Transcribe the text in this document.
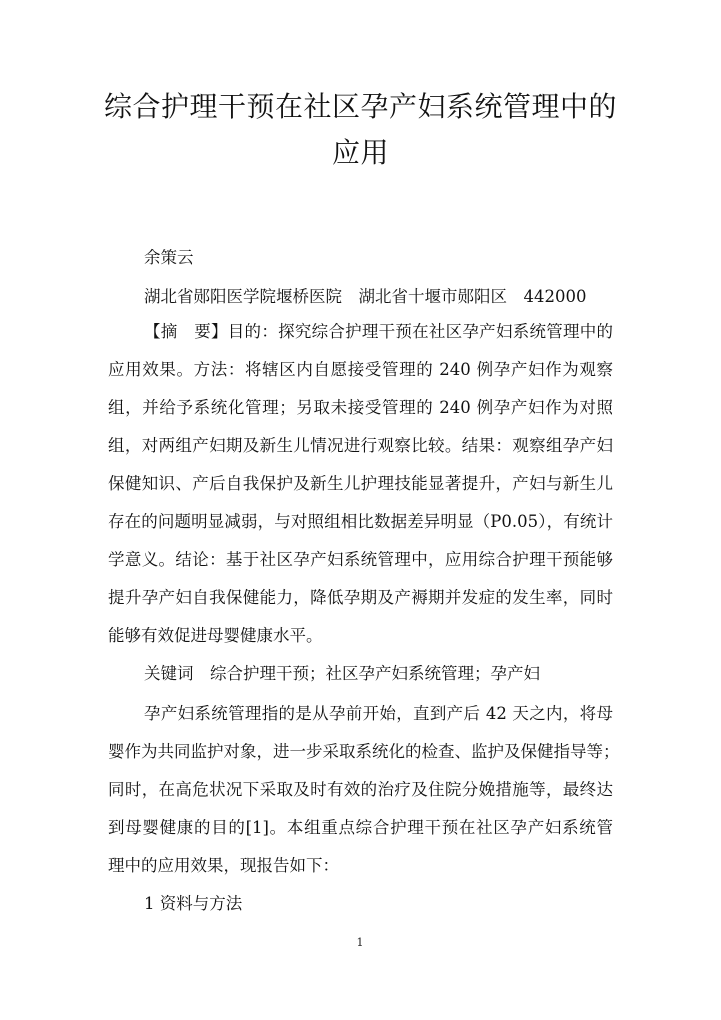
综合护理干预在社区孕产妇系统管理中的
应用
余策云
湖北省郧阳医学院堰桥医院　湖北省十堰市郧阳区　442000
【摘　要】目的：探究综合护理干预在社区孕产妇系统管理中的
应用效果。方法：将辖区内自愿接受管理的 240 例孕产妇作为观察
组，并给予系统化管理；另取未接受管理的 240 例孕产妇作为对照
组，对两组产妇期及新生儿情况进行观察比较。结果：观察组孕产妇
保健知识、产后自我保护及新生儿护理技能显著提升，产妇与新生儿
存在的问题明显减弱，与对照组相比数据差异明显（P0.05），有统计
学意义。结论：基于社区孕产妇系统管理中，应用综合护理干预能够
提升孕产妇自我保健能力，降低孕期及产褥期并发症的发生率，同时
能够有效促进母婴健康水平。
关键词　综合护理干预；社区孕产妇系统管理；孕产妇
孕产妇系统管理指的是从孕前开始，直到产后 42 天之内，将母
婴作为共同监护对象，进一步采取系统化的检查、监护及保健指导等；
同时，在高危状况下采取及时有效的治疗及住院分娩措施等，最终达
到母婴健康的目的[1]。本组重点综合护理干预在社区孕产妇系统管
理中的应用效果，现报告如下：
1 资料与方法
1
